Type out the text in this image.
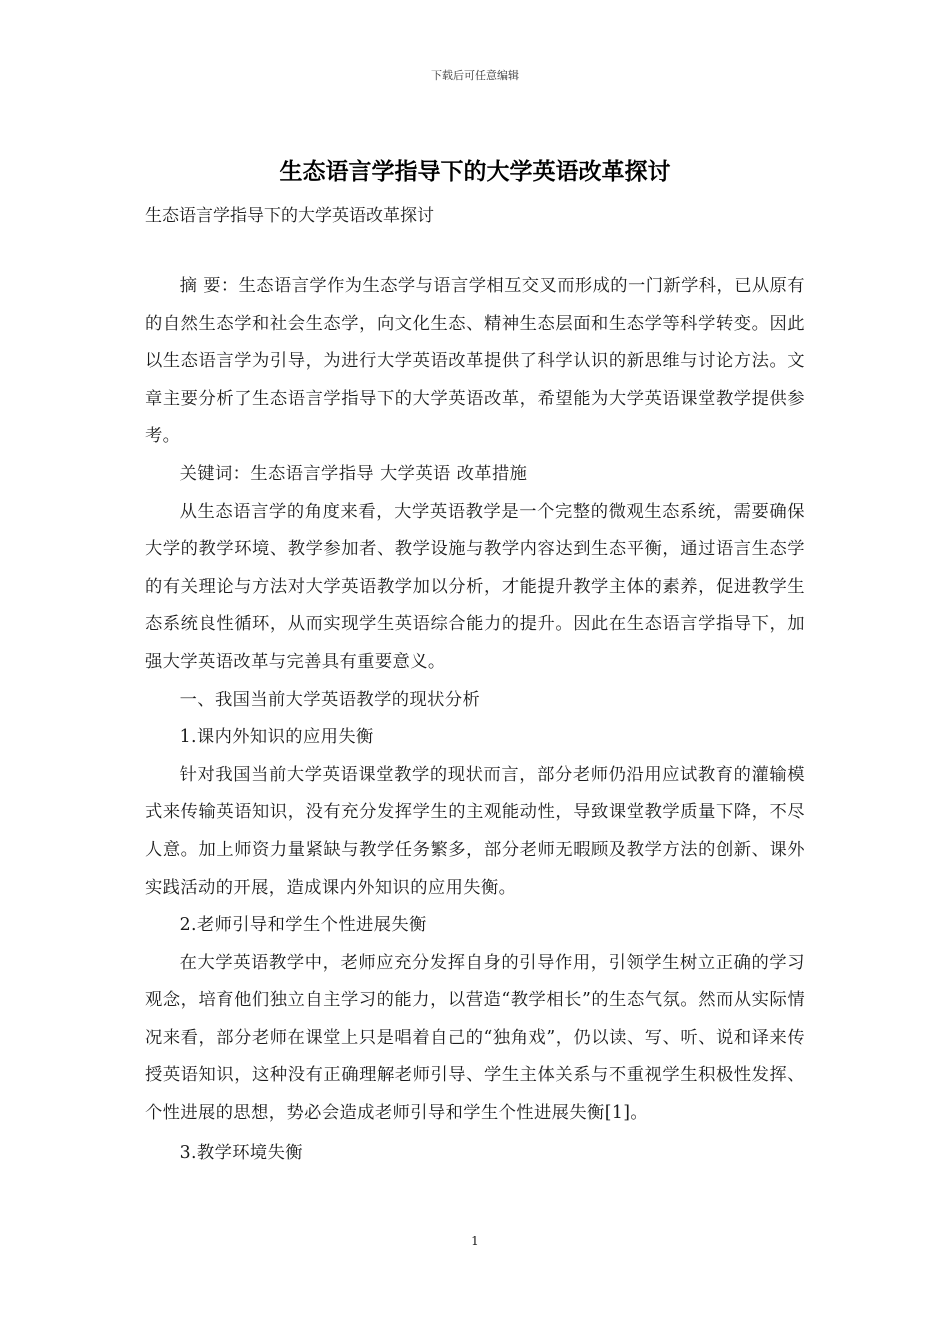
下载后可任意编辑
生态语言学指导下的大学英语改革探讨
生态语言学指导下的大学英语改革探讨

摘 要：生态语言学作为生态学与语言学相互交叉而形成的一门新学科，已从原有的自然生态学和社会生态学，向文化生态、精神生态层面和生态学等科学转变。因此以生态语言学为引导，为进行大学英语改革提供了科学认识的新思维与讨论方法。文章主要分析了生态语言学指导下的大学英语改革，希望能为大学英语课堂教学提供参考。

关键词：生态语言学指导 大学英语 改革措施

从生态语言学的角度来看，大学英语教学是一个完整的微观生态系统，需要确保大学的教学环境、教学参加者、教学设施与教学内容达到生态平衡，通过语言生态学的有关理论与方法对大学英语教学加以分析，才能提升教学主体的素养，促进教学生态系统良性循环，从而实现学生英语综合能力的提升。因此在生态语言学指导下，加强大学英语改革与完善具有重要意义。

一、我国当前大学英语教学的现状分析

1.课内外知识的应用失衡

针对我国当前大学英语课堂教学的现状而言，部分老师仍沿用应试教育的灌输模式来传输英语知识，没有充分发挥学生的主观能动性，导致课堂教学质量下降，不尽人意。加上师资力量紧缺与教学任务繁多，部分老师无暇顾及教学方法的创新、课外实践活动的开展，造成课内外知识的应用失衡。

2.老师引导和学生个性进展失衡

在大学英语教学中，老师应充分发挥自身的引导作用，引领学生树立正确的学习观念，培育他们独立自主学习的能力，以营造“教学相长”的生态气氛。然而从实际情况来看，部分老师在课堂上只是唱着自己的“独角戏”，仍以读、写、听、说和译来传授英语知识，这种没有正确理解老师引导、学生主体关系与不重视学生积极性发挥、个性进展的思想，势必会造成老师引导和学生个性进展失衡[1]。

3.教学环境失衡

1
